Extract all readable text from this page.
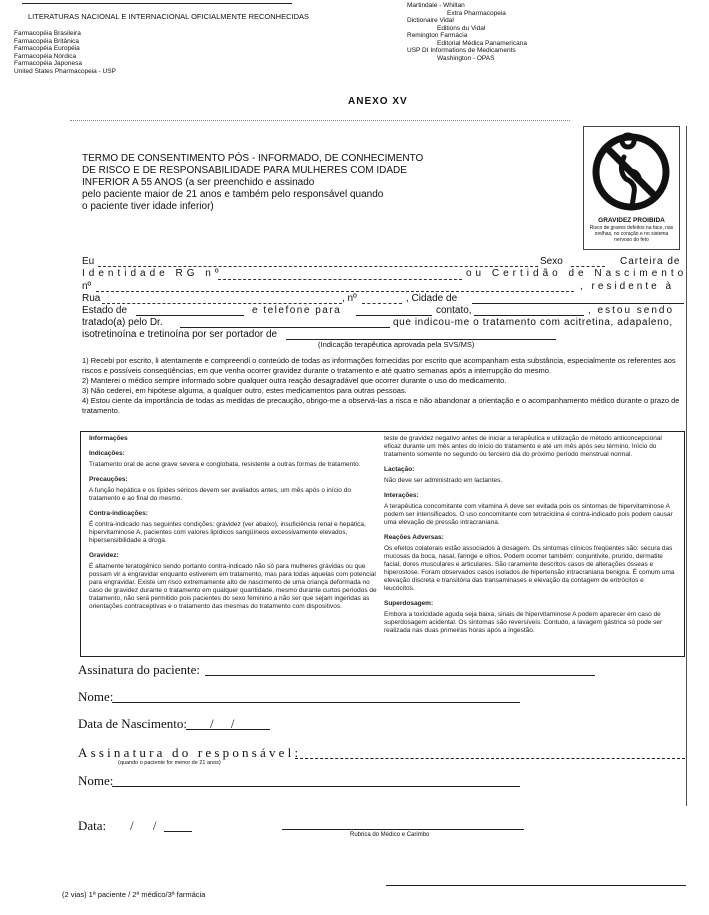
LITERATURAS NACIONAL E INTERNACIONAL OFICIALMENTE RECONHECIDAS
Farmacopéia Brasileira
Farmacopéia Britânica
Farmacopéia Européia
Farmacopéia Nórdica
Farmacopéia Japonesa
United States Pharmacopeia - USP
Martindale - Whiltan
Extra Pharmacopeia
Dictionaire Vidal
Editions du Vidal
Remington Farmácia
Editorial Médica Panamericana
USP DI Informations de Medicaments
Washington - OPAS
ANEXO XV
TERMO DE CONSENTIMENTO PÓS - INFORMADO, DE CONHECIMENTO
DE RISCO E DE RESPONSABILIDADE PARA MULHERES COM IDADE
INFERIOR A 55 ANOS (a ser preenchido e assinado
pelo paciente maior de 21 anos e também pelo responsável quando
o paciente tiver idade inferior)
GRAVIDEZ PROIBIDA
Risco de graves defeitos na face, nas orelhas, no coração e no sistema nervoso do feto
Eu	Sexo	Carteira de
Identidade RG nº	ou Certidão de Nascimento
nº	, residente à
Rua	, nº	, Cidade de
Estado de	e telefone para	contato,	, estou sendo
tratado(a) pelo Dr.	que indicou-me o tratamento com acitretina, adapaleno,
isotretinoína e tretinoína por ser portador de
(Indicação terapêutica aprovada pela SVS/MS)
1) Recebi por escrito, li atentamente e compreendi o conteúdo de todas as informações fornecidas por escrito que acompanham esta substância, especialmente os referentes aos riscos e possíveis conseqüências, em que venha ocorrer gravidez durante o tratamento e até quatro semanas após a interrupção do mesmo.
2) Manterei o médico sempre informado sobre qualquer outra reação desagradável que ocorrer durante o uso do medicamento.
3) Não cederei, em hipótese alguma, a qualquer outro, estes medicamentos para outras pessoas.
4) Estou ciente da importância de todas as medidas de precaução, obrigo-me a observá-las a risca e não abandonar a orientação e o acompanhamento médico durante o prazo de tratamento.

Informações

Indicações:
Tratamento oral de acne grave severa e conglobata, resistente a outras formas de tratamento.

Precauções:
A função hepática e os lípides séricos devem ser avaliados antes, um mês após o início do tratamento e ao final do mesmo.

Contra-indicações:
É contra-indicado nas seguintes condições: gravidez (ver abaixo), insuficiência renal e hepática, hipervitaminose A, pacientes com valores lipídicos sangüíneos excessivamente elevados, hipersensibilidade a droga.

Gravidez:
É altamente teratogênico sendo portanto contra-indicado não só para mulheres grávidas ou que possam vir a engravidar enquanto estiverem em tratamento, mas para todas aquelas com potencial para engravidar. Existe um risco extremamente alto de nascimento de uma criança deformada no caso de gravidez durante o tratamento em qualquer quantidade, mesmo durante curtos períodos de tratamento, não será permitido pois pacientes do sexo feminino a não ser que sejam ingeridas as orientações contraceptivas e o tratamento das mesmas do tratamento com dispositivos.

teste de gravidez negativo antes de iniciar a terapêutica e utilização de método anticoncepcional eficaz durante um mês antes do início do tratamento e até um mês após seu término. Início do tratamento somente no segundo ou terceiro dia do próximo período menstrual normal.

Lactação:
Não deve ser administrado em lactantes.

Interações:
A terapêutica concomitante com vitamina A deve ser evitada pois os sintomas de hipervitaminose A podem ser intensificados. O uso concomitante com tetraciclina é contra-indicado pois podem causar uma elevação de pressão intracraniana.

Reações Adversas:
Os efeitos colaterais estão associados à dosagem. Os sintomas clínicos freqüentes são: secura das mucosas da boca, nasal, faringe e olhos. Podem ocorrer também: conjuntivite, prurido, dermatite facial, dores musculares e articulares. São raramente descritos casos de alterações ósseas e hiperostose. Foram observados casos isolados de hipertensão intracraniana benigna. É comum uma elevação discreta e transitória das transaminases e elevação da contagem de eritrócitos e leucócitos.

Superdosagem:
Embora a toxicidade aguda seja baixa, sinais de hipervitaminose A podem aparecer em caso de superdosagem acidental. Os sintomas são reversíveis. Contudo, a lavagem gástrica só pode ser realizada nas duas primeiras horas após a ingestão.

Assinatura do paciente:
Nome:
Data de Nascimento: / /
Assinatura do responsável:
(quando o paciente for menor de 21 anos)
Nome:
Data: / /
Rubrica do Médico e Carimbo
(2 vias) 1ª paciente / 2ª médico/3ª farmácia
